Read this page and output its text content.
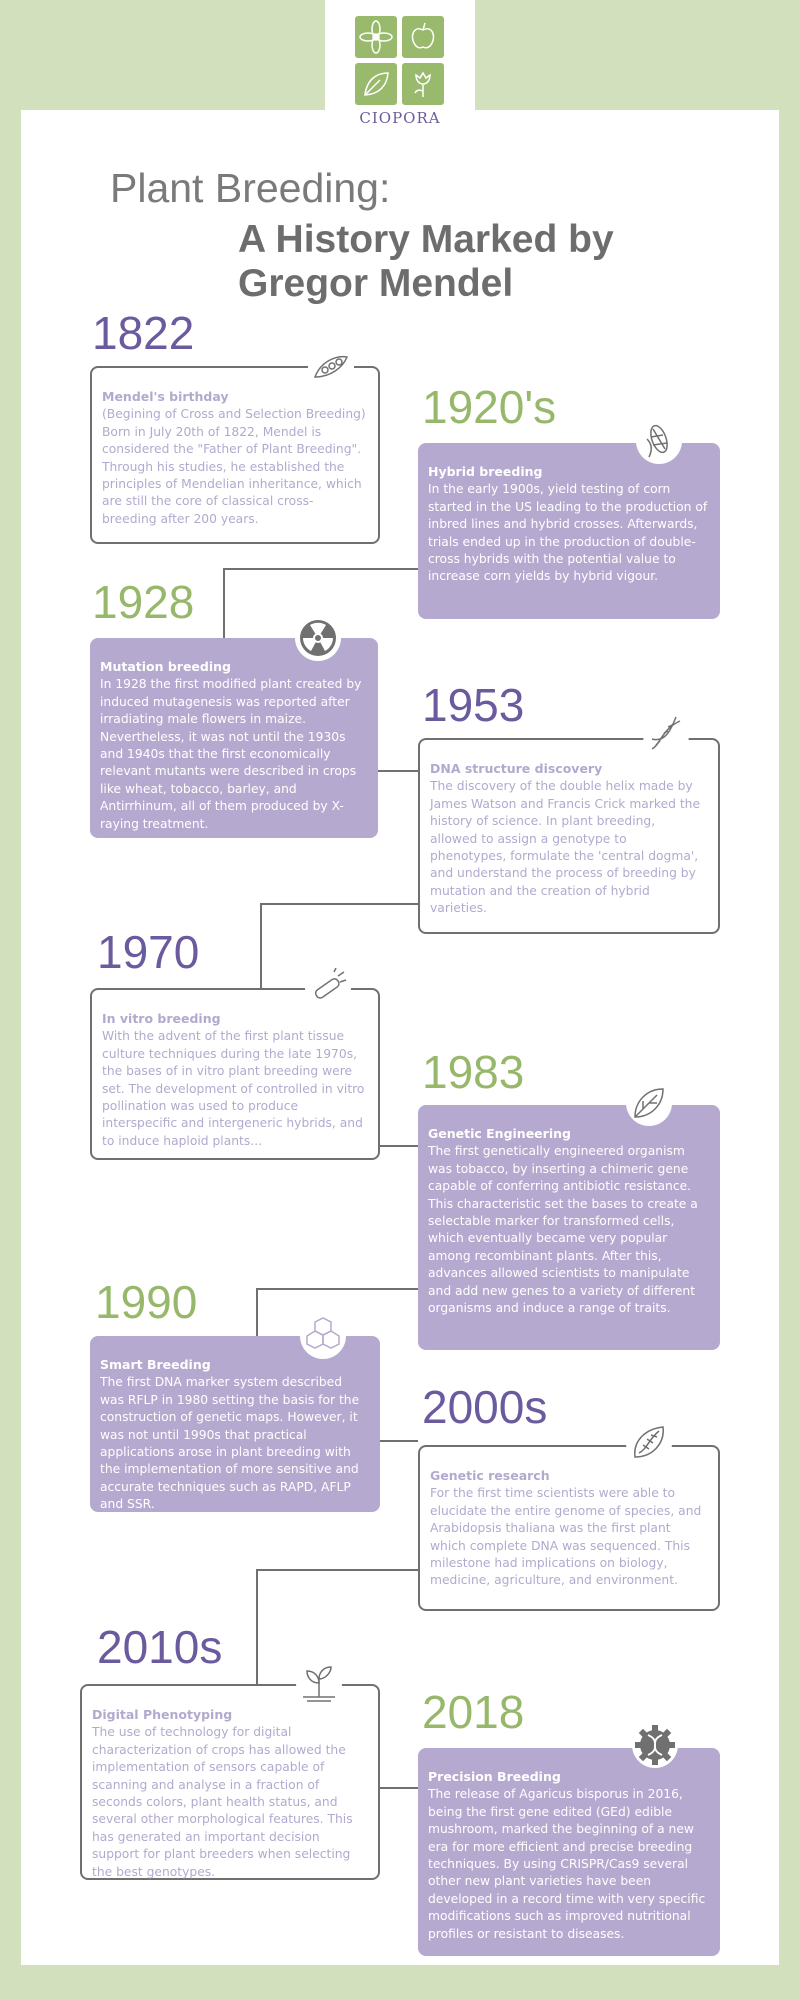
CIOPORA
Plant Breeding:
A History Marked by
Gregor Mendel
1822
Mendel's birthday
(Begining of Cross and Selection Breeding) Born in July 20th of 1822, Mendel is considered the "Father of Plant Breeding". Through his studies, he established the principles of Mendelian inheritance, which are still the core of classical cross-breeding after 200 years.
1920's
Hybrid breeding
In the early 1900s, yield testing of corn started in the US leading to the production of inbred lines and hybrid crosses. Afterwards, trials ended up in the production of double-cross hybrids with the potential value to increase corn yields by hybrid vigour.
1928
Mutation breeding
In 1928 the first modified plant created by induced mutagenesis was reported after irradiating male flowers in maize. Nevertheless, it was not until the 1930s and 1940s that the first economically relevant mutants were described in crops like wheat, tobacco, barley, and Antirrhinum, all of them produced by X-raying treatment.
1953
DNA structure discovery
The discovery of the double helix made by James Watson and Francis Crick marked the history of science. In plant breeding, allowed to assign a genotype to phenotypes, formulate the 'central dogma', and understand the process of breeding by mutation and the creation of hybrid varieties.
1970
In vitro breeding
With the advent of the first plant tissue culture techniques during the late 1970s, the bases of in vitro plant breeding were set. The development of controlled in vitro pollination was used to produce interspecific and intergeneric hybrids, and to induce haploid plants...
1983
Genetic Engineering
The first genetically engineered organism was tobacco, by inserting a chimeric gene capable of conferring antibiotic resistance. This characteristic set the bases to create a selectable marker for transformed cells, which eventually became very popular among recombinant plants. After this, advances allowed scientists to manipulate and add new genes to a variety of different organisms and induce a range of traits.
1990
Smart Breeding
The first DNA marker system described was RFLP in 1980 setting the basis for the construction of genetic maps. However, it was not until 1990s that practical applications arose in plant breeding with the implementation of more sensitive and accurate techniques such as RAPD, AFLP and SSR.
2000s
Genetic research
For the first time scientists were able to elucidate the entire genome of species, and Arabidopsis thaliana was the first plant which complete DNA was sequenced. This milestone had implications on biology, medicine, agriculture, and environment.
2010s
Digital Phenotyping
The use of technology for digital characterization of crops has allowed the implementation of sensors capable of scanning and analyse in a fraction of seconds colors, plant health status, and several other morphological features. This has generated an important decision support for plant breeders when selecting the best genotypes.
2018
Precision Breeding
The release of Agaricus bisporus in 2016, being the first gene edited (GEd) edible mushroom, marked the beginning of a new era for more efficient and precise breeding techniques. By using CRISPR/Cas9 several other new plant varieties have been developed in a record time with very specific modifications such as improved nutritional profiles or resistant to diseases.
